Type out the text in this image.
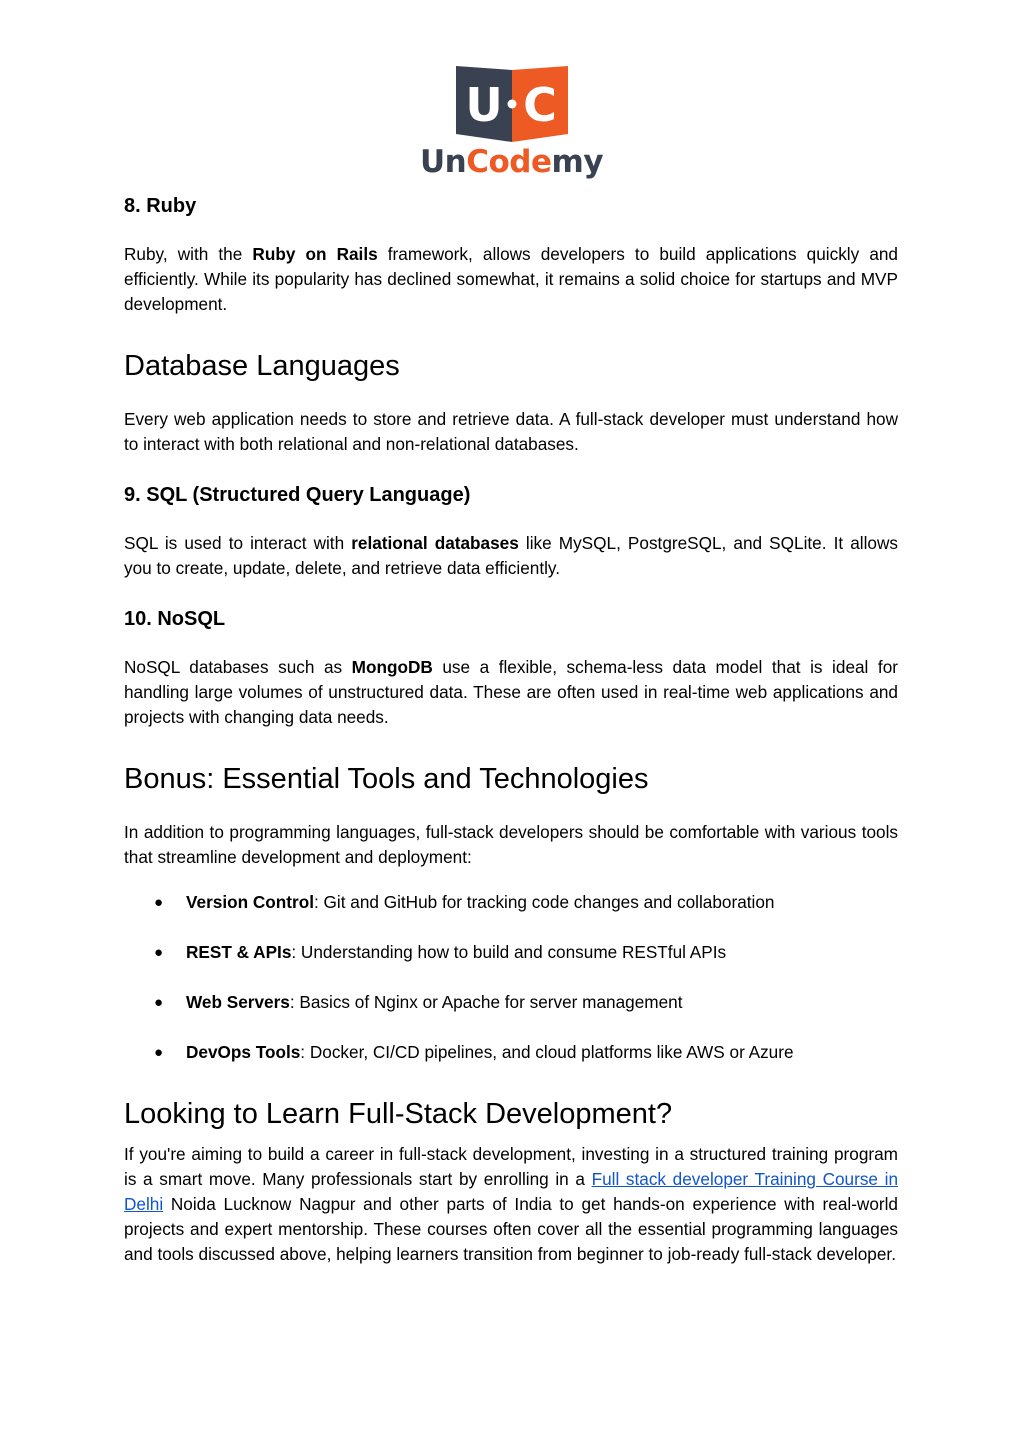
U C
UnCodemy
8. Ruby

Ruby, with the Ruby on Rails framework, allows developers to build applications quickly and efficiently. While its popularity has declined somewhat, it remains a solid choice for startups and MVP development.

Database Languages

Every web application needs to store and retrieve data. A full-stack developer must understand how to interact with both relational and non-relational databases.

9. SQL (Structured Query Language)

SQL is used to interact with relational databases like MySQL, PostgreSQL, and SQLite. It allows you to create, update, delete, and retrieve data efficiently.

10. NoSQL

NoSQL databases such as MongoDB use a flexible, schema-less data model that is ideal for handling large volumes of unstructured data. These are often used in real-time web applications and projects with changing data needs.

Bonus: Essential Tools and Technologies

In addition to programming languages, full-stack developers should be comfortable with various tools that streamline development and deployment:

● Version Control: Git and GitHub for tracking code changes and collaboration
● REST & APIs: Understanding how to build and consume RESTful APIs
● Web Servers: Basics of Nginx or Apache for server management
● DevOps Tools: Docker, CI/CD pipelines, and cloud platforms like AWS or Azure
Looking to Learn Full-Stack Development?

If you're aiming to build a career in full-stack development, investing in a structured training program is a smart move. Many professionals start by enrolling in a Full stack developer Training Course in Delhi Noida Lucknow Nagpur and other parts of India to get hands-on experience with real-world projects and expert mentorship. These courses often cover all the essential programming languages and tools discussed above, helping learners transition from beginner to job-ready full-stack developer.
